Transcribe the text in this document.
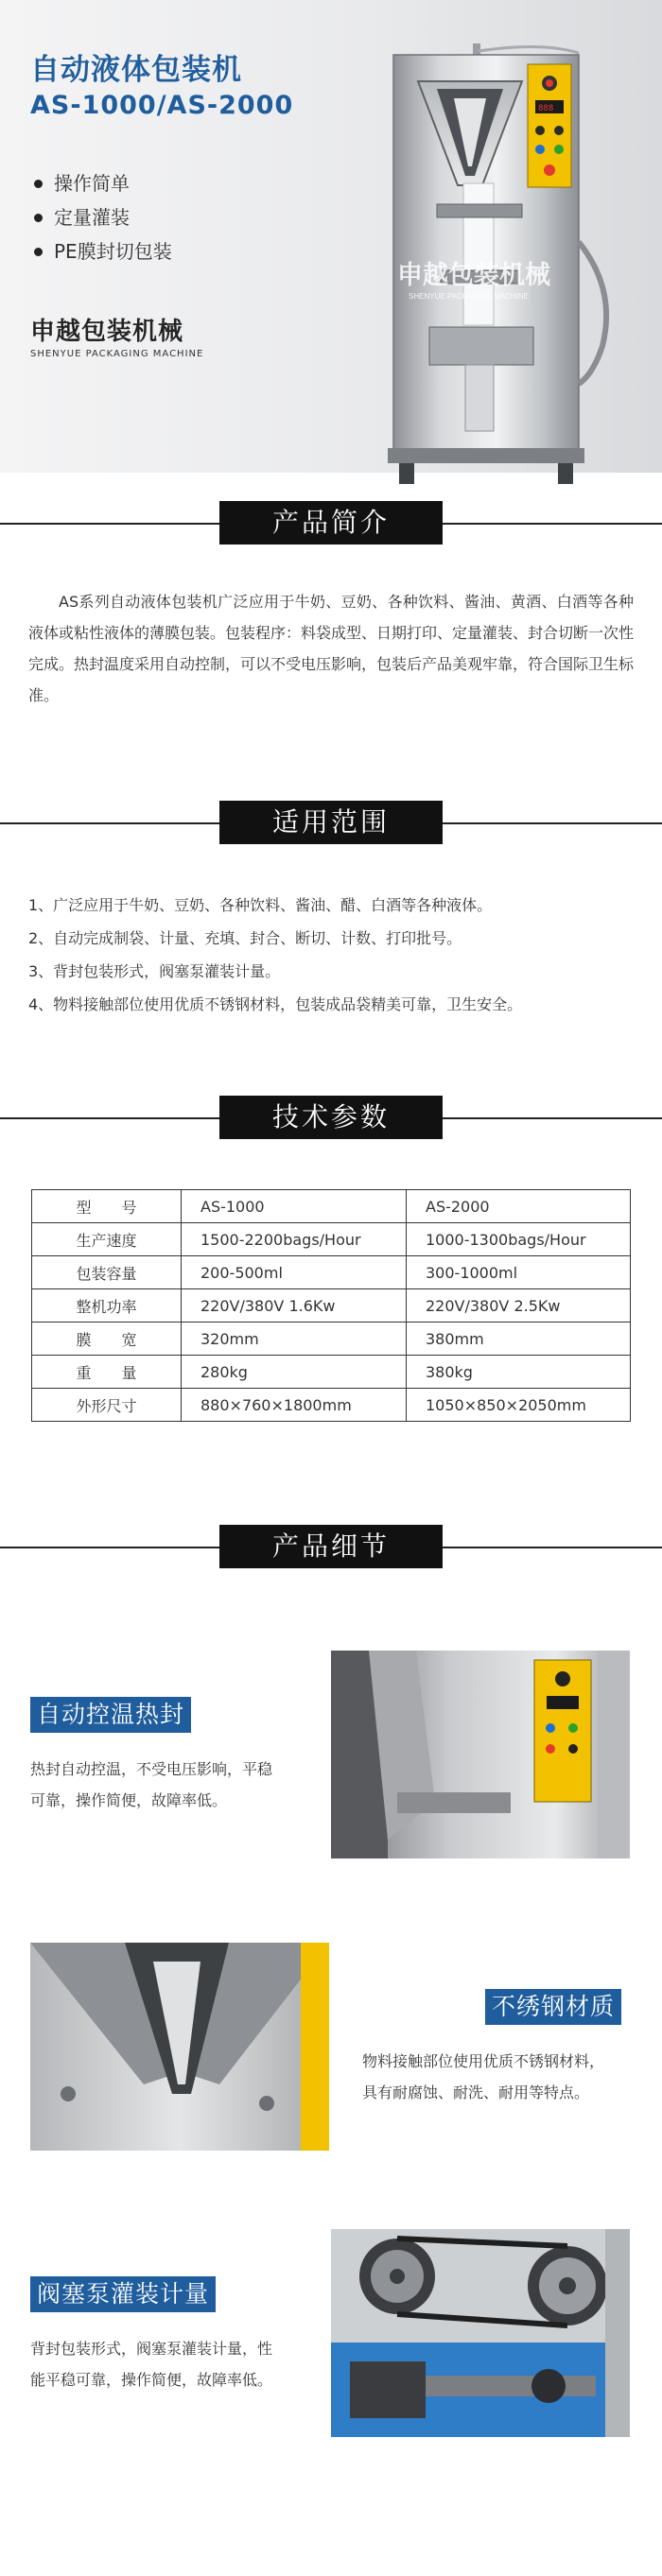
自动液体包装机
AS-1000/AS-2000
操作简单
定量灌装
PE膜封切包装
申越包装机械
SHENYUE PACKAGING MACHINE
888
申越包装机械
SHENYUE PACKAGING MACHINE
产品简介

AS系列自动液体包装机广泛应用于牛奶、豆奶、各种饮料、酱油、黄酒、白酒等各种液体或粘性液体的薄膜包装。包装程序：料袋成型、日期打印、定量灌装、封合切断一次性完成。热封温度采用自动控制，可以不受电压影响，包装后产品美观牢靠，符合国际卫生标准。

适用范围
1、广泛应用于牛奶、豆奶、各种饮料、酱油、醋、白酒等各种液体。
2、自动完成制袋、计量、充填、封合、断切、计数、打印批号。
3、背封包装形式，阀塞泵灌装计量。
4、物料接触部位使用优质不锈钢材料，包装成品袋精美可靠，卫生安全。
技术参数
型　　号	AS-1000	AS-2000
生产速度	1500-2200bags/Hour	1000-1300bags/Hour
包装容量	200-500ml	300-1000ml
整机功率	220V/380V 1.6Kw	220V/380V 2.5Kw
膜　　宽	320mm	380mm
重　　量	280kg	380kg
外形尺寸	880×760×1800mm	1050×850×2050mm
产品细节
自动控温热封
热封自动控温，不受电压影响，平稳
可靠，操作简便，故障率低。
不绣钢材质
物料接触部位使用优质不锈钢材料，
具有耐腐蚀、耐洗、耐用等特点。
阀塞泵灌装计量
背封包装形式，阀塞泵灌装计量，性
能平稳可靠，操作简便，故障率低。
